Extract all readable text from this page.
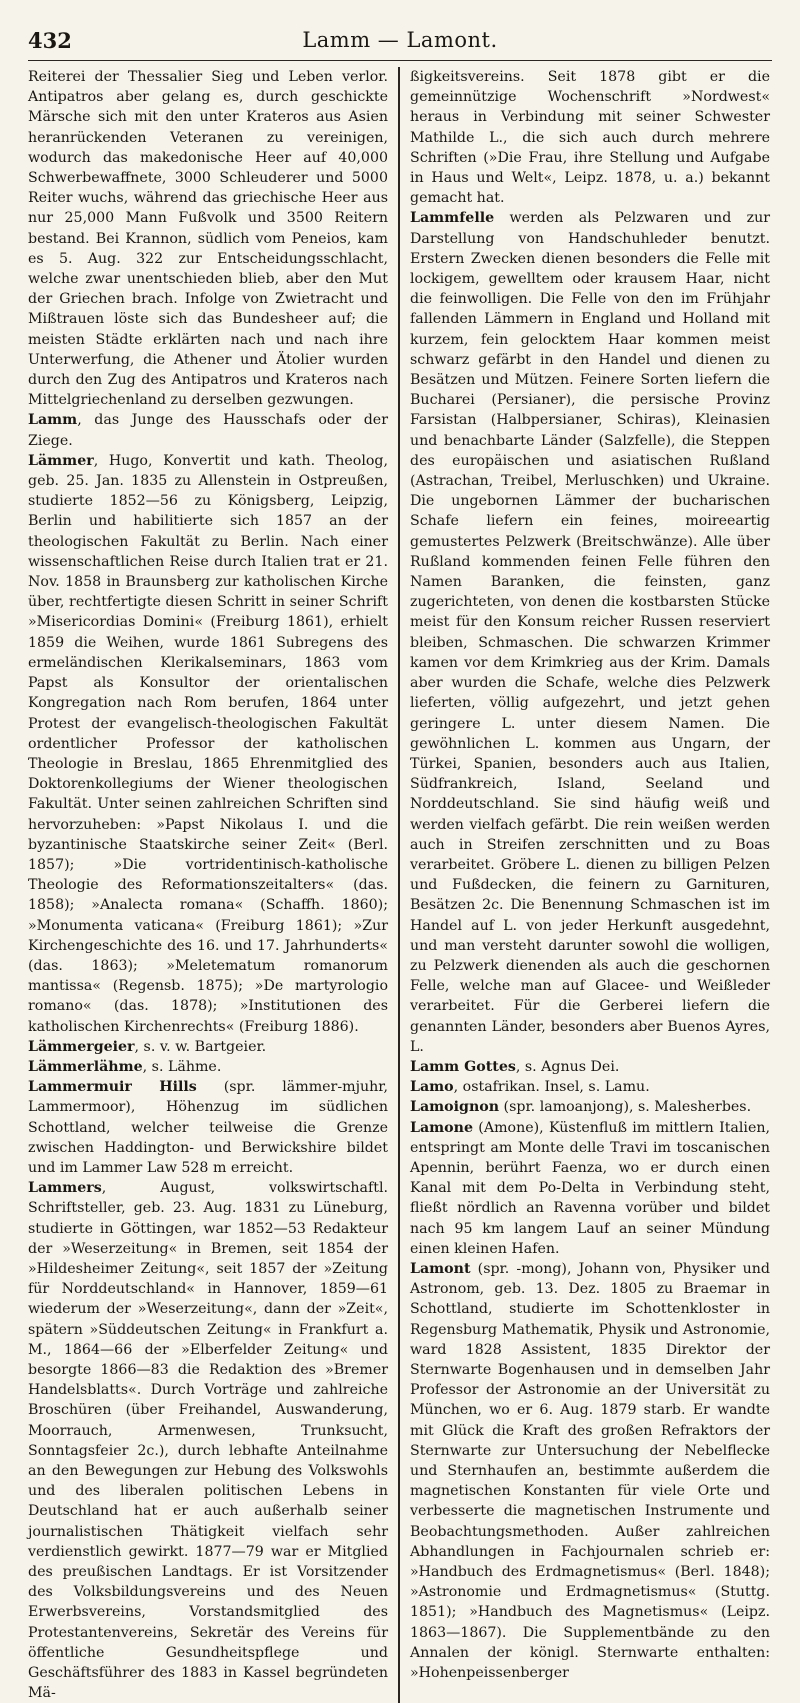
432	Lamm — Lamont.

Reiterei der Thessalier Sieg und Leben verlor. Antipatros aber gelang es, durch geschickte Märsche sich mit den unter Krateros aus Asien heranrückenden Veteranen zu vereinigen, wodurch das makedonische Heer auf 40,000 Schwerbewaffnete, 3000 Schleuderer und 5000 Reiter wuchs, während das griechische Heer aus nur 25,000 Mann Fußvolk und 3500 Reitern bestand. Bei Krannon, südlich vom Peneios, kam es 5. Aug. 322 zur Entscheidungsschlacht, welche zwar unentschieden blieb, aber den Mut der Griechen brach. Infolge von Zwietracht und Mißtrauen löste sich das Bundesheer auf; die meisten Städte erklärten nach und nach ihre Unterwerfung, die Athener und Ätolier wurden durch den Zug des Antipatros und Krateros nach Mittelgriechenland zu derselben gezwungen.

Lamm, das Junge des Hausschafs oder der Ziege.

Lämmer, Hugo, Konvertit und kath. Theolog, geb. 25. Jan. 1835 zu Allenstein in Ostpreußen, studierte 1852—56 zu Königsberg, Leipzig, Berlin und habilitierte sich 1857 an der theologischen Fakultät zu Berlin. Nach einer wissenschaftlichen Reise durch Italien trat er 21. Nov. 1858 in Braunsberg zur katholischen Kirche über, rechtfertigte diesen Schritt in seiner Schrift »Misericordias Domini« (Freiburg 1861), erhielt 1859 die Weihen, wurde 1861 Subregens des ermeländischen Klerikalseminars, 1863 vom Papst als Konsultor der orientalischen Kongregation nach Rom berufen, 1864 unter Protest der evangelisch-theologischen Fakultät ordentlicher Professor der katholischen Theologie in Breslau, 1865 Ehrenmitglied des Doktorenkollegiums der Wiener theologischen Fakultät. Unter seinen zahlreichen Schriften sind hervorzuheben: »Papst Nikolaus I. und die byzantinische Staatskirche seiner Zeit« (Berl. 1857); »Die vortridentinisch-katholische Theologie des Reformationszeitalters« (das. 1858); »Analecta romana« (Schaffh. 1860); »Monumenta vaticana« (Freiburg 1861); »Zur Kirchengeschichte des 16. und 17. Jahrhunderts« (das. 1863); »Meletematum romanorum mantissa« (Regensb. 1875); »De martyrologio romano« (das. 1878); »Institutionen des katholischen Kirchenrechts« (Freiburg 1886).

Lämmergeier, s. v. w. Bartgeier.

Lämmerlähme, s. Lähme.

Lammermuir Hills (spr. lämmer-mjuhr, Lammermoor), Höhenzug im südlichen Schottland, welcher teilweise die Grenze zwischen Haddington- und Berwickshire bildet und im Lammer Law 528 m erreicht.

Lammers, August, volkswirtschaftl. Schriftsteller, geb. 23. Aug. 1831 zu Lüneburg, studierte in Göttingen, war 1852—53 Redakteur der »Weserzeitung« in Bremen, seit 1854 der »Hildesheimer Zeitung«, seit 1857 der »Zeitung für Norddeutschland« in Hannover, 1859—61 wiederum der »Weserzeitung«, dann der »Zeit«, spätern »Süddeutschen Zeitung« in Frankfurt a. M., 1864—66 der »Elberfelder Zeitung« und besorgte 1866—83 die Redaktion des »Bremer Handelsblatts«. Durch Vorträge und zahlreiche Broschüren (über Freihandel, Auswanderung, Moorrauch, Armenwesen, Trunksucht, Sonntagsfeier 2c.), durch lebhafte Anteilnahme an den Bewegungen zur Hebung des Volkswohls und des liberalen politischen Lebens in Deutschland hat er auch außerhalb seiner journalistischen Thätigkeit vielfach sehr verdienstlich gewirkt. 1877—79 war er Mitglied des preußischen Landtags. Er ist Vorsitzender des Volksbildungsvereins und des Neuen Erwerbsvereins, Vorstandsmitglied des Protestantenvereins, Sekretär des Vereins für öffentliche Gesundheitspflege und Geschäftsführer des 1883 in Kassel begründeten Mä-

ßigkeitsvereins. Seit 1878 gibt er die gemeinnützige Wochenschrift »Nordwest« heraus in Verbindung mit seiner Schwester Mathilde L., die sich auch durch mehrere Schriften (»Die Frau, ihre Stellung und Aufgabe in Haus und Welt«, Leipz. 1878, u. a.) bekannt gemacht hat.

Lammfelle werden als Pelzwaren und zur Darstellung von Handschuhleder benutzt. Erstern Zwecken dienen besonders die Felle mit lockigem, gewelltem oder krausem Haar, nicht die feinwolligen. Die Felle von den im Frühjahr fallenden Lämmern in England und Holland mit kurzem, fein gelocktem Haar kommen meist schwarz gefärbt in den Handel und dienen zu Besätzen und Mützen. Feinere Sorten liefern die Bucharei (Persianer), die persische Provinz Farsistan (Halbpersianer, Schiras), Kleinasien und benachbarte Länder (Salzfelle), die Steppen des europäischen und asiatischen Rußland (Astrachan, Treibel, Merluschken) und Ukraine. Die ungebornen Lämmer der bucharischen Schafe liefern ein feines, moireeartig gemustertes Pelzwerk (Breitschwänze). Alle über Rußland kommenden feinen Felle führen den Namen Baranken, die feinsten, ganz zugerichteten, von denen die kostbarsten Stücke meist für den Konsum reicher Russen reserviert bleiben, Schmaschen. Die schwarzen Krimmer kamen vor dem Krimkrieg aus der Krim. Damals aber wurden die Schafe, welche dies Pelzwerk lieferten, völlig aufgezehrt, und jetzt gehen geringere L. unter diesem Namen. Die gewöhnlichen L. kommen aus Ungarn, der Türkei, Spanien, besonders auch aus Italien, Südfrankreich, Island, Seeland und Norddeutschland. Sie sind häufig weiß und werden vielfach gefärbt. Die rein weißen werden auch in Streifen zerschnitten und zu Boas verarbeitet. Gröbere L. dienen zu billigen Pelzen und Fußdecken, die feinern zu Garnituren, Besätzen 2c. Die Benennung Schmaschen ist im Handel auf L. von jeder Herkunft ausgedehnt, und man versteht darunter sowohl die wolligen, zu Pelzwerk dienenden als auch die geschornen Felle, welche man auf Glacee- und Weißleder verarbeitet. Für die Gerberei liefern die genannten Länder, besonders aber Buenos Ayres, L.

Lamm Gottes, s. Agnus Dei.

Lamo, ostafrikan. Insel, s. Lamu.

Lamoignon (spr. lamoanjong), s. Malesherbes.

Lamone (Amone), Küstenfluß im mittlern Italien, entspringt am Monte delle Travi im toscanischen Apennin, berührt Faenza, wo er durch einen Kanal mit dem Po-Delta in Verbindung steht, fließt nördlich an Ravenna vorüber und bildet nach 95 km langem Lauf an seiner Mündung einen kleinen Hafen.

Lamont (spr. -mong), Johann von, Physiker und Astronom, geb. 13. Dez. 1805 zu Braemar in Schottland, studierte im Schottenkloster in Regensburg Mathematik, Physik und Astronomie, ward 1828 Assistent, 1835 Direktor der Sternwarte Bogenhausen und in demselben Jahr Professor der Astronomie an der Universität zu München, wo er 6. Aug. 1879 starb. Er wandte mit Glück die Kraft des großen Refraktors der Sternwarte zur Untersuchung der Nebelflecke und Sternhaufen an, bestimmte außerdem die magnetischen Konstanten für viele Orte und verbesserte die magnetischen Instrumente und Beobachtungsmethoden. Außer zahlreichen Abhandlungen in Fachjournalen schrieb er: »Handbuch des Erdmagnetismus« (Berl. 1848); »Astronomie und Erdmagnetismus« (Stuttg. 1851); »Handbuch des Magnetismus« (Leipz. 1863—1867). Die Supplementbände zu den Annalen der königl. Sternwarte enthalten: »Hohenpeissenberger
